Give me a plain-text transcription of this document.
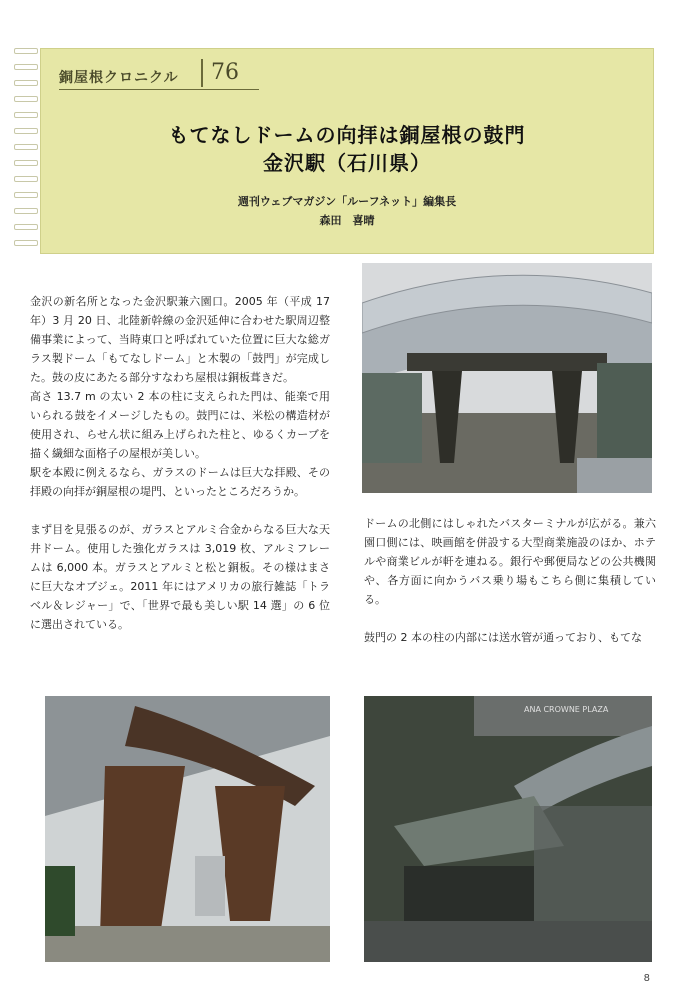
銅屋根クロニクル	76
もてなしドームの向拝は銅屋根の鼓門
金沢駅（石川県）
週刊ウェブマガジン「ルーフネット」編集長
森田　喜晴

金沢の新名所となった金沢駅兼六園口。2005 年（平成 17 年）3 月 20 日、北陸新幹線の金沢延伸に合わせた駅周辺整備事業によって、当時東口と呼ばれていた位置に巨大な総ガラス製ドーム「もてなしドーム」と木製の「鼓門」が完成した。鼓の皮にあたる部分すなわち屋根は銅板葺きだ。

高さ 13.7 m の太い 2 本の柱に支えられた門は、能楽で用いられる鼓をイメージしたもの。鼓門には、米松の構造材が使用され、らせん状に組み上げられた柱と、ゆるくカーブを描く繊細な面格子の屋根が美しい。

駅を本殿に例えるなら、ガラスのドームは巨大な拝殿、その拝殿の向拝が銅屋根の堤門、といったところだろうか。

まず目を見張るのが、ガラスとアルミ合金からなる巨大な天井ドーム。使用した強化ガラスは 3,019 枚、アルミフレームは 6,000 本。ガラスとアルミと松と銅板。その様はまさに巨大なオブジェ。2011 年にはアメリカの旅行雑誌「トラベル＆レジャー」で、「世界で最も美しい駅 14 選」の 6 位に選出されている。

ドームの北側にはしゃれたバスターミナルが広がる。兼六園口側には、映画館を併設する大型商業施設のほか、ホテルや商業ビルが軒を連ねる。銀行や郵便局などの公共機関や、各方面に向かうバス乗り場もこちら側に集積している。

鼓門の 2 本の柱の内部には送水管が通っており、もてな

ANA CROWNE PLAZA
8
